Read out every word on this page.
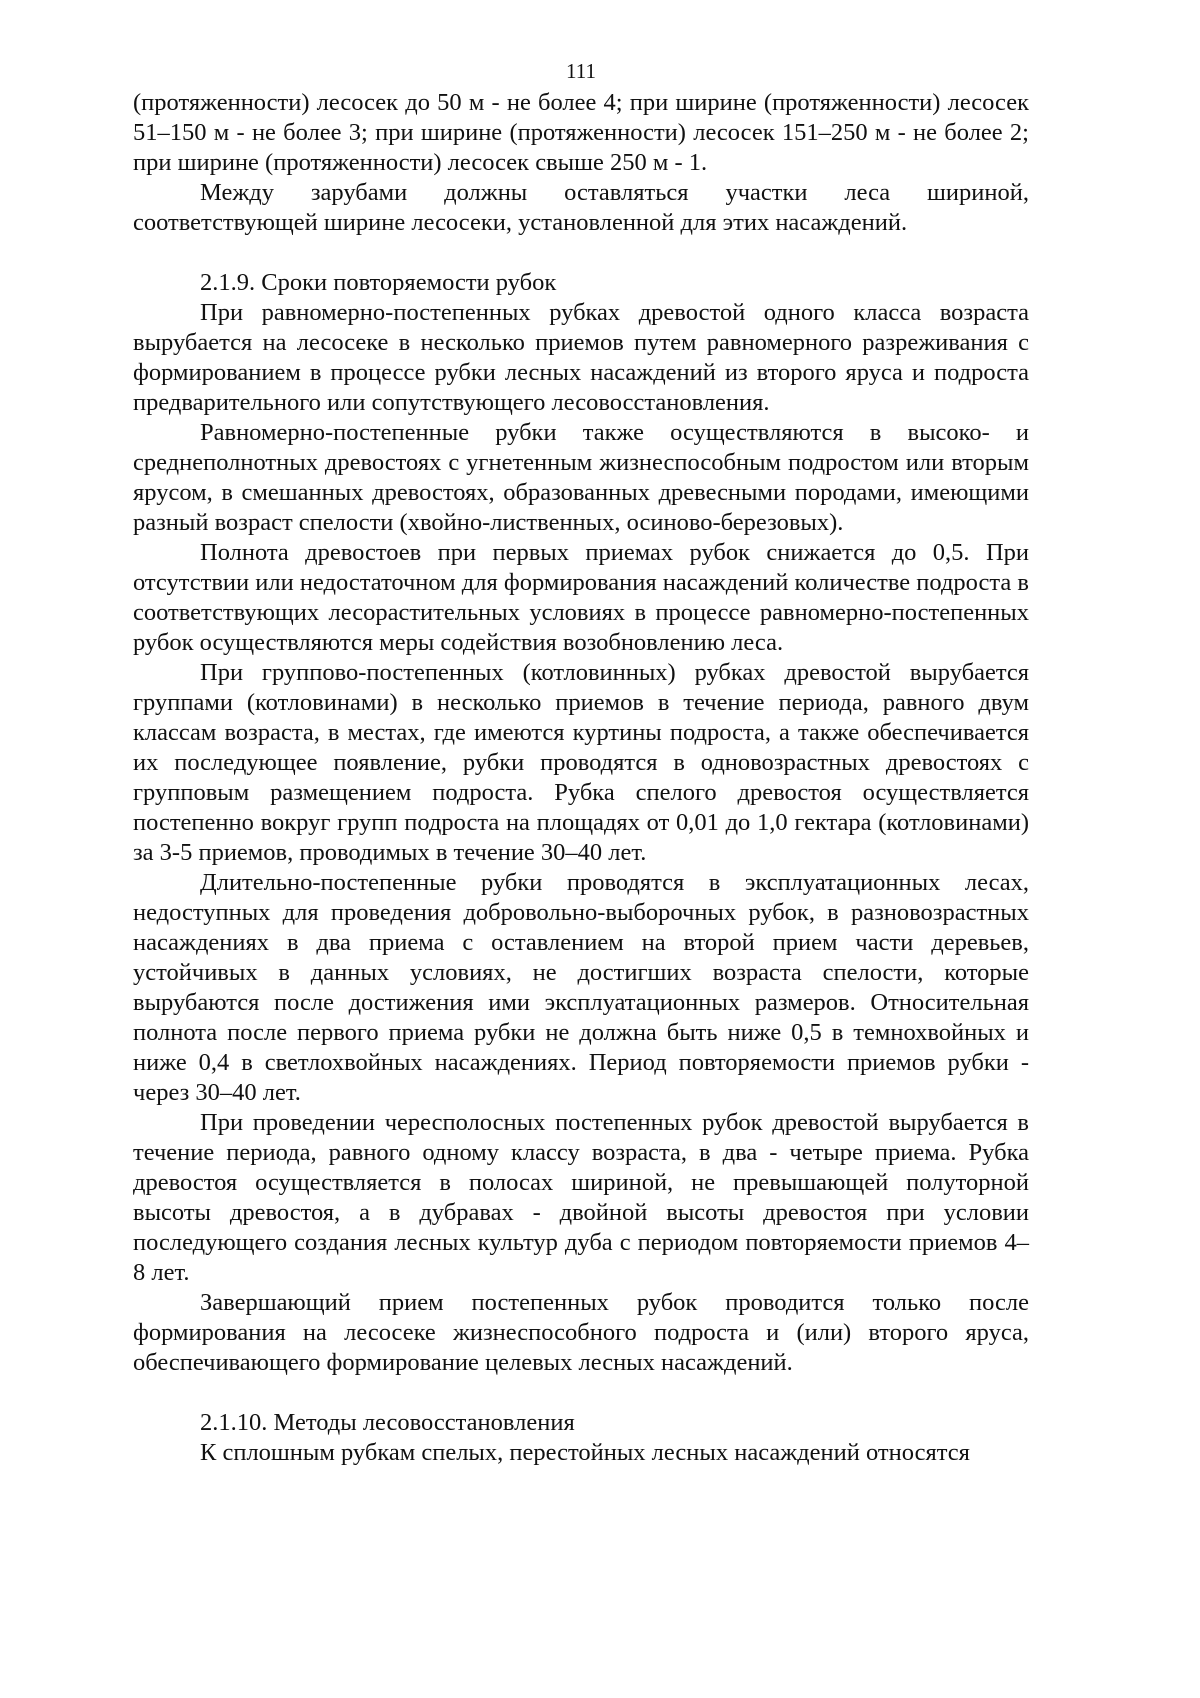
111

(протяженности) лесосек до 50 м - не более 4; при ширине (протяженности) лесосек 51–150 м - не более 3; при ширине (протяженности) лесосек 151–250 м - не более 2; при ширине (протяженности) лесосек свыше 250 м - 1.

Между зарубами должны оставляться участки леса шириной, соответствующей ширине лесосеки, установленной для этих насаждений.

2.1.9. Сроки повторяемости рубок

При равномерно-постепенных рубках древостой одного класса возраста вырубается на лесосеке в несколько приемов путем равномерного разреживания с формированием в процессе рубки лесных насаждений из второго яруса и подроста предварительного или сопутствующего лесовосстановления.

Равномерно-постепенные рубки также осуществляются в высоко- и среднеполнотных древостоях с угнетенным жизнеспособным подростом или вторым ярусом, в смешанных древостоях, образованных древесными породами, имеющими разный возраст спелости (хвойно-лиственных, осиново-березовых).

Полнота древостоев при первых приемах рубок снижается до 0,5. При отсутствии или недостаточном для формирования насаждений количестве подроста в соответствующих лесорастительных условиях в процессе равномерно-постепенных рубок осуществляются меры содействия возобновлению леса.

При группово-постепенных (котловинных) рубках древостой вырубается группами (котловинами) в несколько приемов в течение периода, равного двум классам возраста, в местах, где имеются куртины подроста, а также обеспечивается их последующее появление, рубки проводятся в одновозрастных древостоях с групповым размещением подроста. Рубка спелого древостоя осуществляется постепенно вокруг групп подроста на площадях от 0,01 до 1,0 гектара (котловинами) за 3-5 приемов, проводимых в течение 30–40 лет.

Длительно-постепенные рубки проводятся в эксплуатационных лесах, недоступных для проведения добровольно-выборочных рубок, в разновозрастных насаждениях в два приема с оставлением на второй прием части деревьев, устойчивых в данных условиях, не достигших возраста спелости, которые вырубаются после достижения ими эксплуатационных размеров. Относительная полнота после первого приема рубки не должна быть ниже 0,5 в темнохвойных и ниже 0,4 в светлохвойных насаждениях. Период повторяемости приемов рубки - через 30–40 лет.

При проведении чересполосных постепенных рубок древостой вырубается в течение периода, равного одному классу возраста, в два - четыре приема. Рубка древостоя осуществляется в полосах шириной, не превышающей полуторной высоты древостоя, а в дубравах - двойной высоты древостоя при условии последующего создания лесных культур дуба с периодом повторяемости приемов 4–8 лет.

Завершающий прием постепенных рубок проводится только после формирования на лесосеке жизнеспособного подроста и (или) второго яруса, обеспечивающего формирование целевых лесных насаждений.

2.1.10. Методы лесовосстановления

К сплошным рубкам спелых, перестойных лесных насаждений относятся
